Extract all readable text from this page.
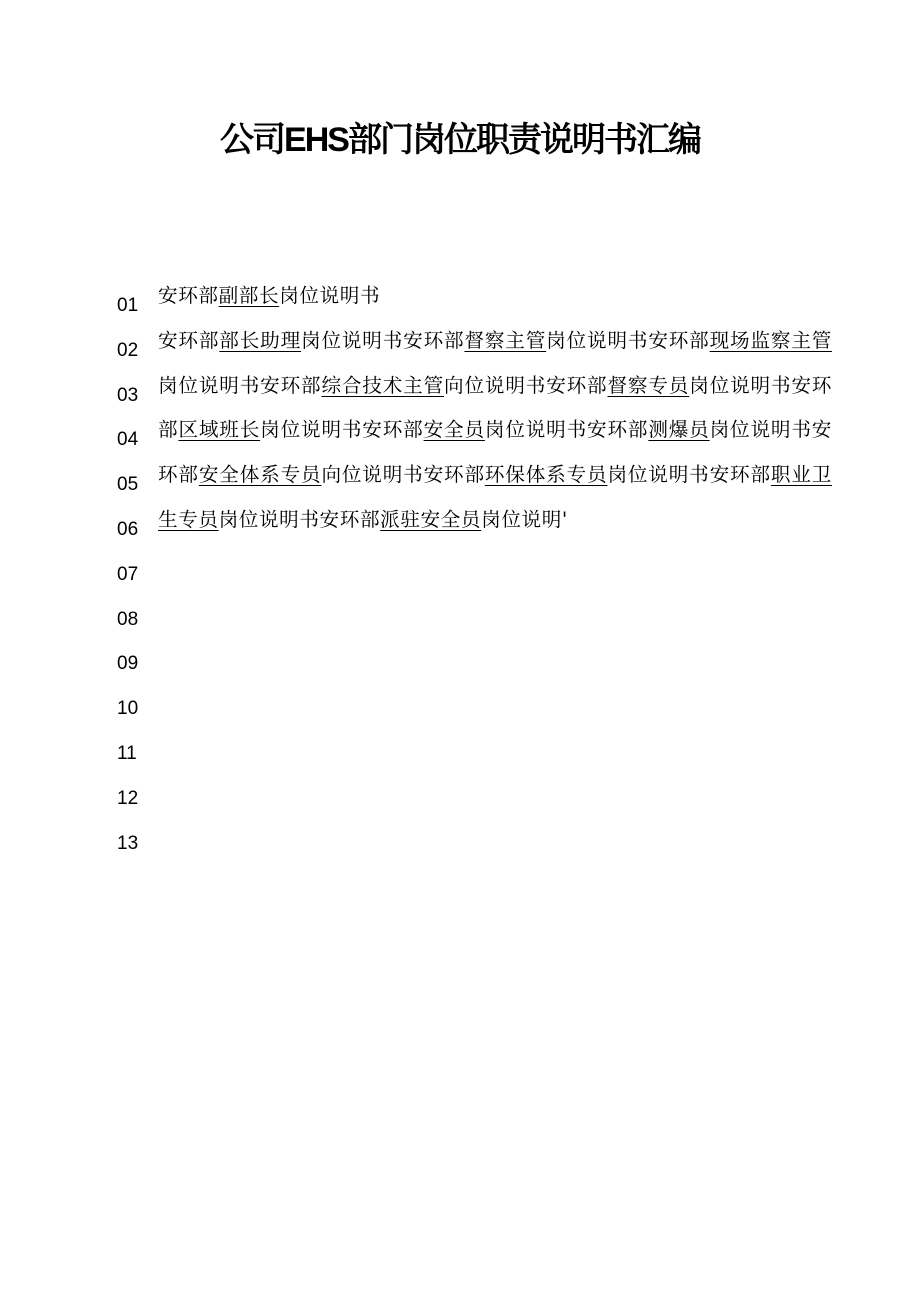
公司EHS部门岗位职责说明书汇编
01
02
03
04
05
06
07
08
09
10
11
12
13
安环部副部长岗位说明书
安环部部长助理岗位说明书安环部督察主管岗位说明书安环部现场监察主管岗位说明书安环部综合技术主管向位说明书安环部督察专员岗位说明书安环部区域班长岗位说明书安环部安全员岗位说明书安环部测爆员岗位说明书安环部安全体系专员向位说明书安环部环保体系专员岗位说明书安环部职业卫生专员岗位说明书安环部派驻安全员岗位说明'
